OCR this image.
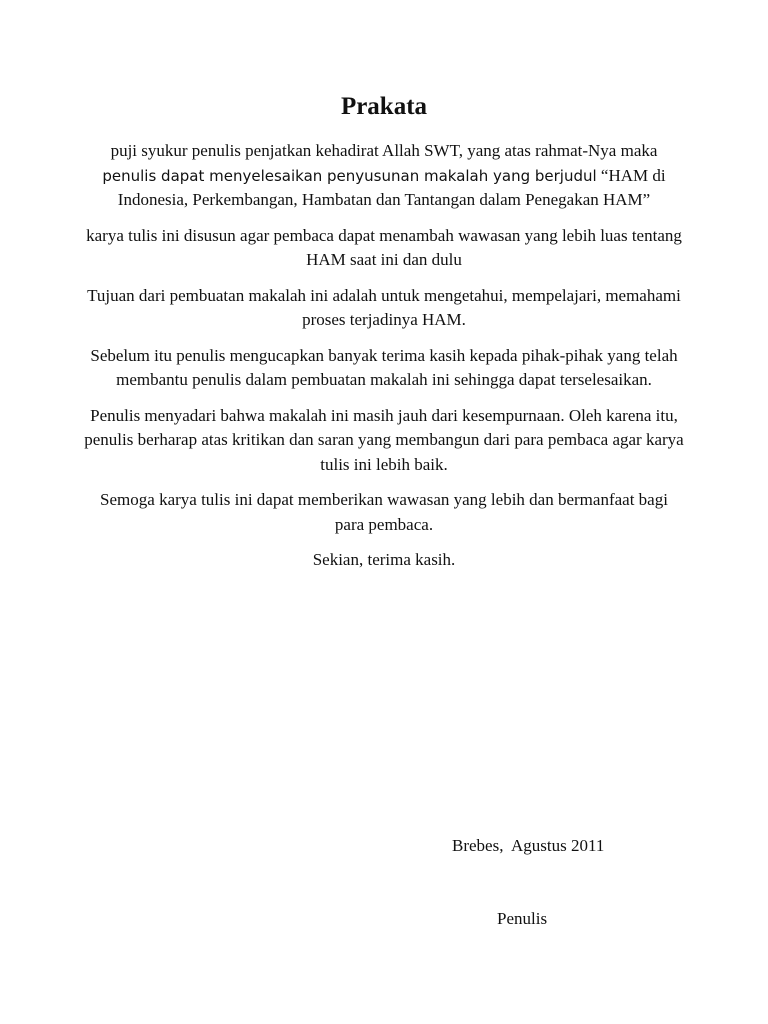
Prakata

puji syukur penulis penjatkan kehadirat Allah SWT, yang atas rahmat-Nya maka penulis dapat menyelesaikan penyusunan makalah yang berjudul “HAM di Indonesia, Perkembangan, Hambatan dan Tantangan dalam Penegakan HAM”

karya tulis ini disusun agar pembaca dapat menambah wawasan yang lebih luas tentang HAM saat ini dan dulu

Tujuan dari pembuatan makalah ini adalah untuk mengetahui, mempelajari, memahami proses terjadinya HAM.

Sebelum itu penulis mengucapkan banyak terima kasih kepada pihak-pihak yang telah membantu penulis dalam pembuatan makalah ini sehingga dapat terselesaikan.

Penulis menyadari bahwa makalah ini masih jauh dari kesempurnaan. Oleh karena itu, penulis berharap atas kritikan dan saran yang membangun dari para pembaca agar karya tulis ini lebih baik.

Semoga karya tulis ini dapat memberikan wawasan yang lebih dan bermanfaat bagi para pembaca.

Sekian, terima kasih.

Brebes,  Agustus 2011
Penulis
